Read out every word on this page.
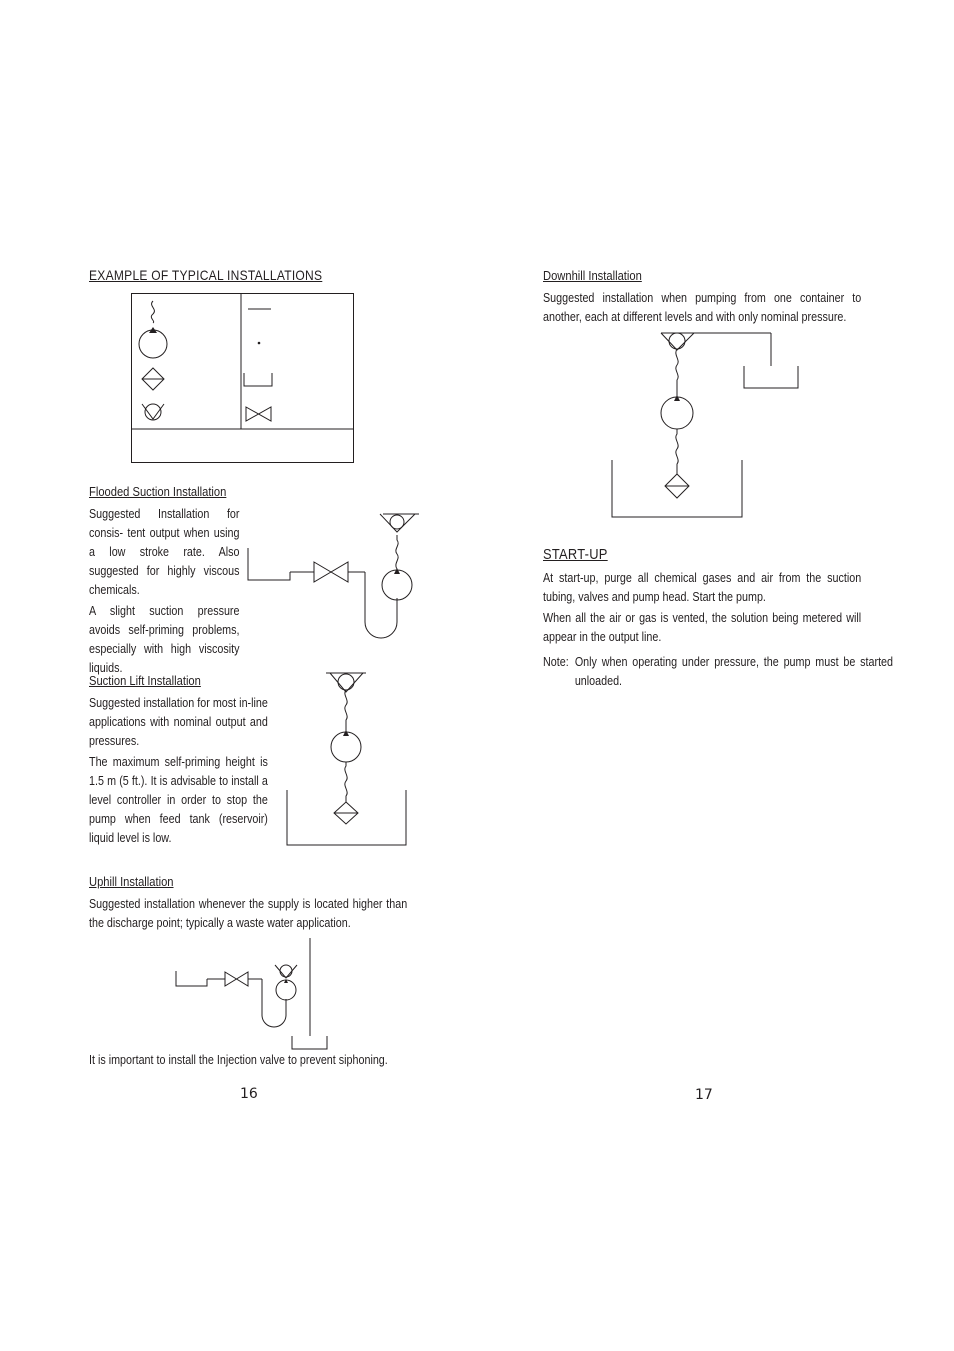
EXAMPLE OF TYPICAL INSTALLATIONS
Flooded Suction Installation

Suggested Installation for consis- tent output when using a low stroke rate. Also suggested for highly viscous chemicals.

A slight suction pressure avoids self-priming problems, especially with high viscosity liquids.

Suction Lift Installation

Suggested installation for most in-line applications with nominal output and pressures.

The maximum self-priming height is 1.5 m (5 ft.). It is advisable to install a level controller in order to stop the pump when feed tank (reservoir) liquid level is low.

Uphill Installation

Suggested installation whenever the supply is located higher than the discharge point; typically a waste water application.

It is important to install the Injection valve to prevent siphoning.
16
Downhill Installation

Suggested installation when pumping from one container to another, each at different levels and with only nominal pressure.

START-UP

At start-up, purge all chemical gases and air from the suction tubing, valves and pump head. Start the pump.

When all the air or gas is vented, the solution being metered will appear in the output line.

Note: Only when operating under pressure, the pump must be started unloaded.
17
